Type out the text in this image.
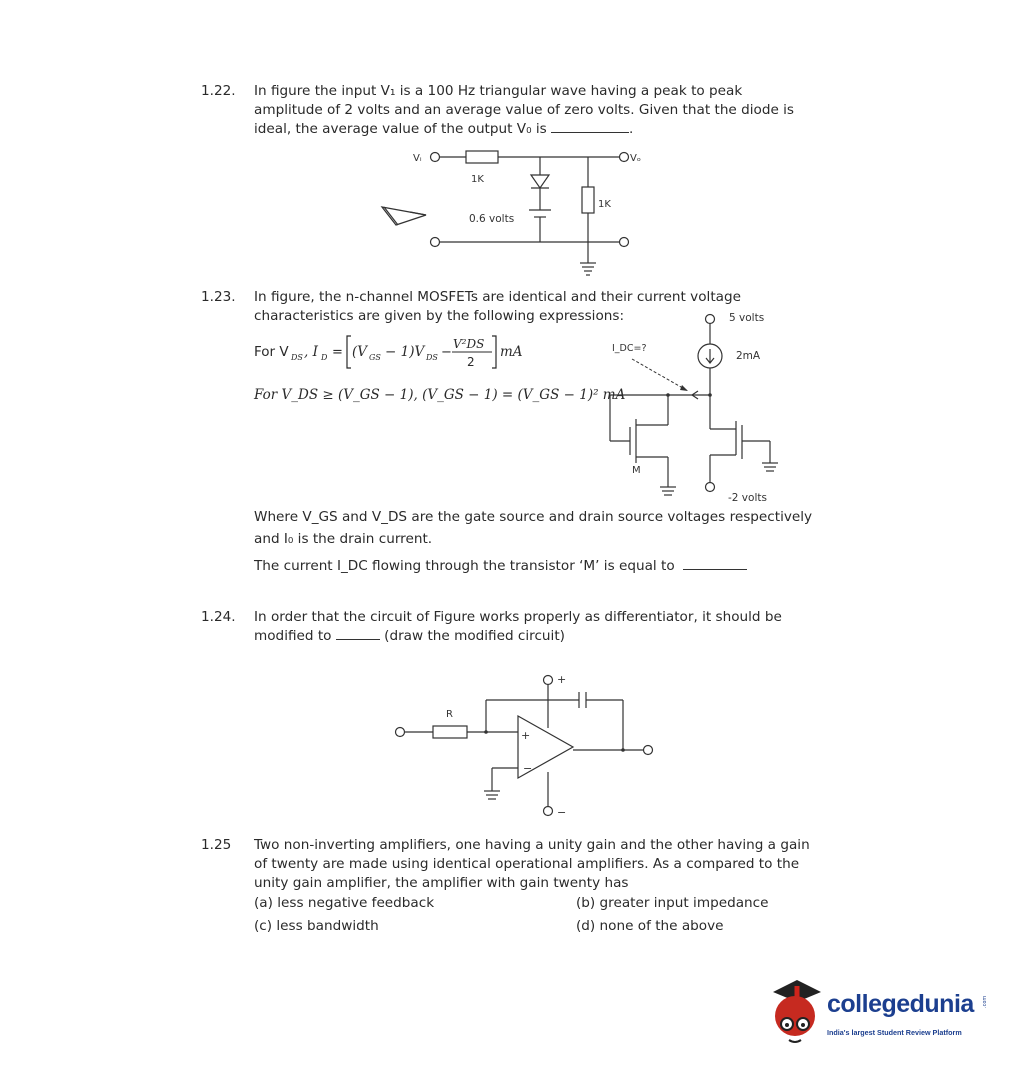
1.22. In figure the input V₁ is a 100 Hz triangular wave having a peak to peak
amplitude of 2 volts and an average value of zero volts. Given that the diode is
ideal, the average value of the output V₀ is	.
Vᵢ	Vₒ
1K
1K
0.6 volts
1.23. In figure, the n-channel MOSFETs are identical and their current voltage
characteristics are given by the following expressions:
For V DS , I D = (V GS − 1)V DS −
V²DS
2
mA
For V_DS ≥ (V_GS − 1), (V_GS − 1) = (V_GS − 1)² mA
Where V_GS and V_DS are the gate source and drain source voltages respectively
and I₀ is the drain current.
The current I_DC flowing through the transistor ‘M’ is equal to
5 volts
2mA
I_DC=?
M
-2 volts
1.24. In order that the circuit of Figure works properly as differentiator, it should be
modified to	(draw the modified circuit)
R
+
−
+
−
1.25 Two non-inverting amplifiers, one having a unity gain and the other having a gain
of twenty are made using identical operational amplifiers. As a compared to the
unity gain amplifier, the amplifier with gain twenty has
(a) less negative feedback	(b) greater input impedance
(c) less bandwidth	(d) none of the above
collegedunia .com
India's largest Student Review Platform
